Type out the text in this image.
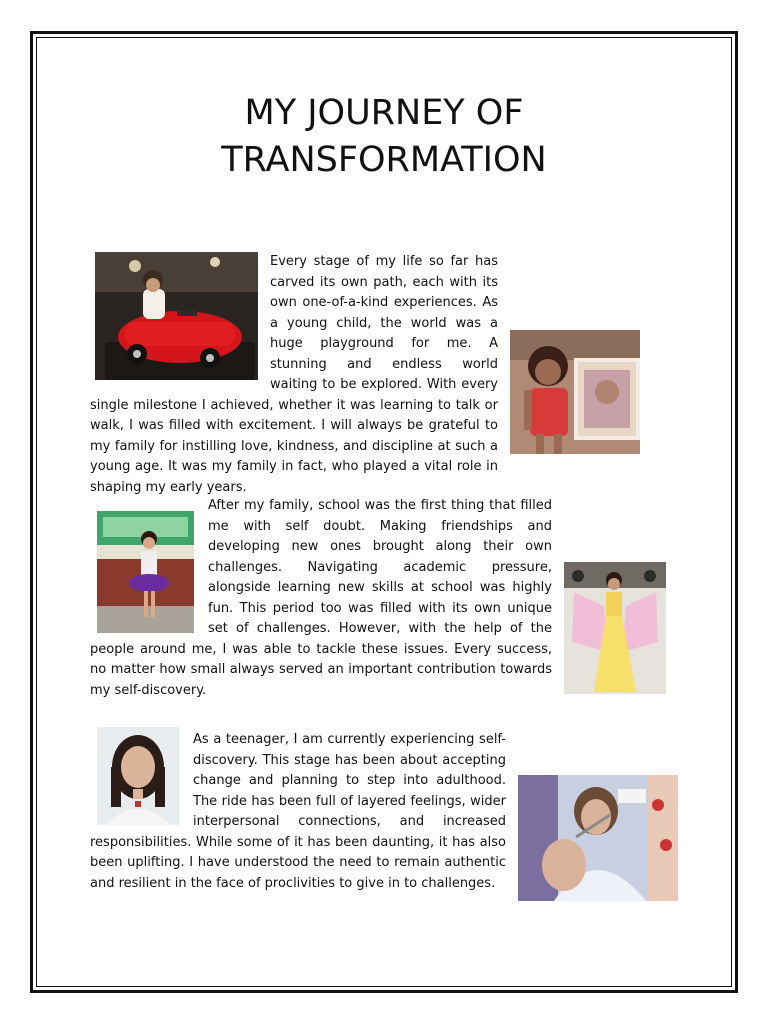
MY JOURNEY OF
TRANSFORMATION
Every stage of my life so far has carved its own path, each with its own one-of-a-kind experiences. As a young child, the world was a huge playground for me. A stunning and endless world waiting to be explored. With every single milestone I achieved, whether it was learning to talk or walk, I was filled with excitement. I will always be grateful to my family for instilling love, kindness, and discipline at such a young age. It was my family in fact, who played a vital role in shaping my early years.
After my family, school was the first thing that filled me with self doubt. Making friendships and developing new ones brought along their own challenges. Navigating academic pressure, alongside learning new skills at school was highly fun. This period too was filled with its own unique set of challenges. However, with the help of the people around me, I was able to tackle these issues. Every success, no matter how small always served an important contribution towards my self-discovery.
As a teenager, I am currently experiencing self-discovery. This stage has been about accepting change and planning to step into adulthood. The ride has been full of layered feelings, wider interpersonal connections, and increased responsibilities. While some of it has been daunting, it has also been uplifting. I have understood the need to remain authentic and resilient in the face of proclivities to give in to challenges.
